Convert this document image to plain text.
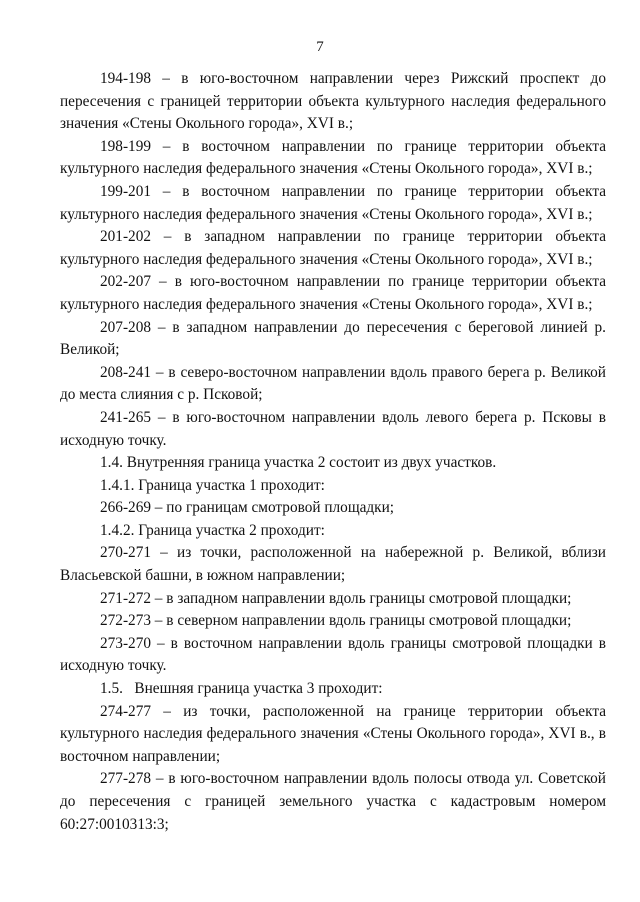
7

194-198 – в юго-восточном направлении через Рижский проспект до пересечения с границей территории объекта культурного наследия федерального значения «Стены Окольного города», XVI в.;

198-199 – в восточном направлении по границе территории объекта культурного наследия федерального значения «Стены Окольного города», XVI в.;

199-201 – в восточном направлении по границе территории объекта культурного наследия федерального значения «Стены Окольного города», XVI в.;

201-202 – в западном направлении по границе территории объекта культурного наследия федерального значения «Стены Окольного города», XVI в.;

202-207 – в юго-восточном направлении по границе территории объекта культурного наследия федерального значения «Стены Окольного города», XVI в.;

207-208 – в западном направлении до пересечения с береговой линией р. Великой;

208-241 – в северо-восточном направлении вдоль правого берега р. Великой до места слияния с р. Псковой;

241-265 – в юго-восточном направлении вдоль левого берега р. Псковы в исходную точку.

1.4. Внутренняя граница участка 2 состоит из двух участков.

1.4.1. Граница участка 1 проходит:

266-269 – по границам смотровой площадки;

1.4.2. Граница участка 2 проходит:

270-271 – из точки, расположенной на набережной р. Великой, вблизи Власьевской башни, в южном направлении;

271-272 – в западном направлении вдоль границы смотровой площадки;

272-273 – в северном направлении вдоль границы смотровой площадки;

273-270 – в восточном направлении вдоль границы смотровой площадки в исходную точку.

1.5.   Внешняя граница участка 3 проходит:

274-277 – из точки, расположенной на границе территории объекта культурного наследия федерального значения «Стены Окольного города», XVI в., в восточном направлении;

277-278 – в юго-восточном направлении вдоль полосы отвода ул. Советской до пересечения с границей земельного участка с кадастровым номером 60:27:0010313:3;
